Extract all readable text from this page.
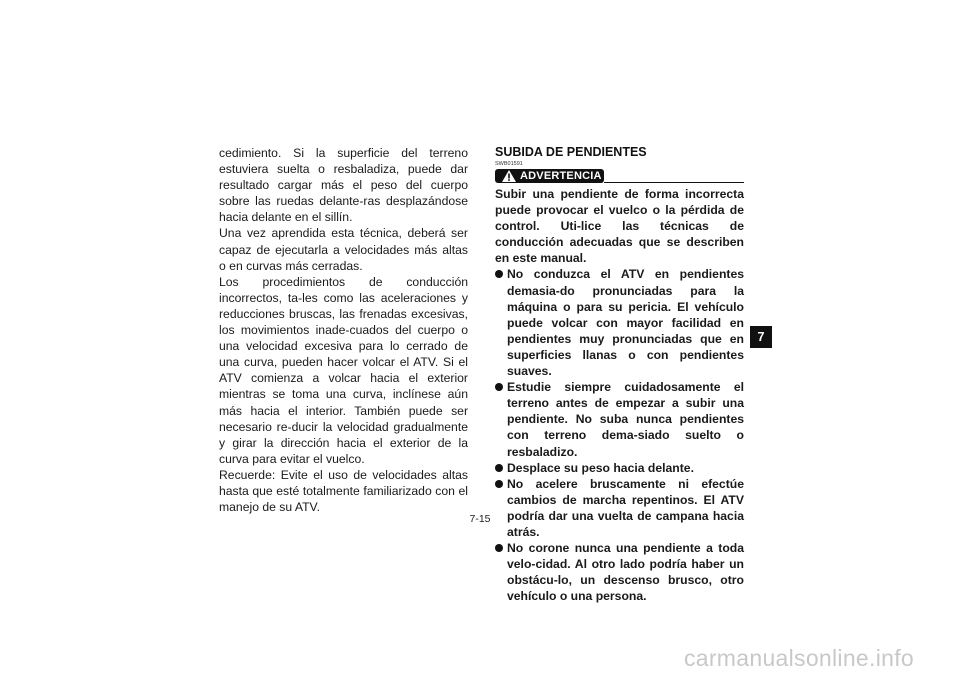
cedimiento. Si la superficie del terreno estuviera suelta o resbaladiza, puede dar resultado cargar más el peso del cuerpo sobre las ruedas delante-ras desplazándose hacia delante en el sillín.

Una vez aprendida esta técnica, deberá ser capaz de ejecutarla a velocidades más altas o en curvas más cerradas.

Los procedimientos de conducción incorrectos, ta-les como las aceleraciones y reducciones bruscas, las frenadas excesivas, los movimientos inade-cuados del cuerpo o una velocidad excesiva para lo cerrado de una curva, pueden hacer volcar el ATV. Si el ATV comienza a volcar hacia el exterior mientras se toma una curva, inclínese aún más hacia el interior. También puede ser necesario re-ducir la velocidad gradualmente y girar la dirección hacia el exterior de la curva para evitar el vuelco.

Recuerde: Evite el uso de velocidades altas hasta que esté totalmente familiarizado con el manejo de su ATV.

SUBIDA DE PENDIENTES
SWB01591
ADVERTENCIA

Subir una pendiente de forma incorrecta puede provocar el vuelco o la pérdida de control. Uti-lice las técnicas de conducción adecuadas que se describen en este manual.

No conduzca el ATV en pendientes demasia-do pronunciadas para la máquina o para su pericia. El vehículo puede volcar con mayor facilidad en pendientes muy pronunciadas que en superficies llanas o con pendientes suaves.
Estudie siempre cuidadosamente el terreno antes de empezar a subir una pendiente. No suba nunca pendientes con terreno dema-siado suelto o resbaladizo.
Desplace su peso hacia delante.
No acelere bruscamente ni efectúe cambios de marcha repentinos. El ATV podría dar una vuelta de campana hacia atrás.
No corone nunca una pendiente a toda velo-cidad. Al otro lado podría haber un obstácu-lo, un descenso brusco, otro vehículo o una persona.
7
7-15
carmanualsonline.info
